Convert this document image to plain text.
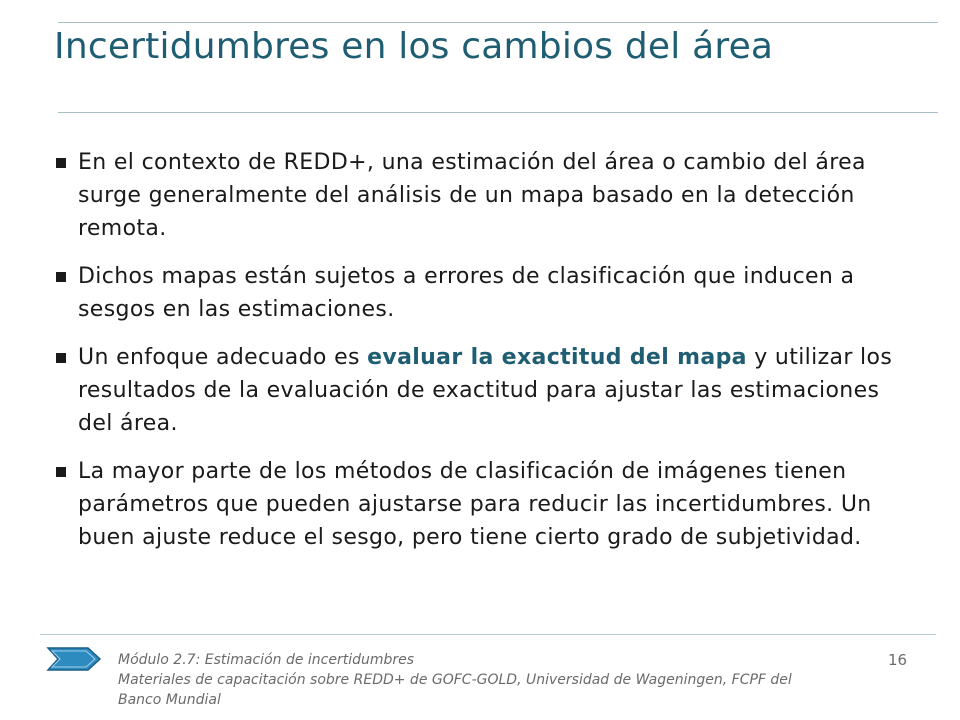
Incertidumbres en los cambios del área
En el contexto de REDD+, una estimación del área o cambio del área surge generalmente del análisis de un mapa basado en la detección remota.
Dichos mapas están sujetos a errores de clasificación que inducen a sesgos en las estimaciones.
Un enfoque adecuado es evaluar la exactitud del mapa y utilizar los resultados de la evaluación de exactitud para ajustar las estimaciones del área.
La mayor parte de los métodos de clasificación de imágenes tienen parámetros que pueden ajustarse para reducir las incertidumbres. Un buen ajuste reduce el sesgo, pero tiene cierto grado de subjetividad.
Módulo 2.7: Estimación de incertidumbres
Materiales de capacitación sobre REDD+ de GOFC-GOLD, Universidad de Wageningen, FCPF del
Banco Mundial
16
